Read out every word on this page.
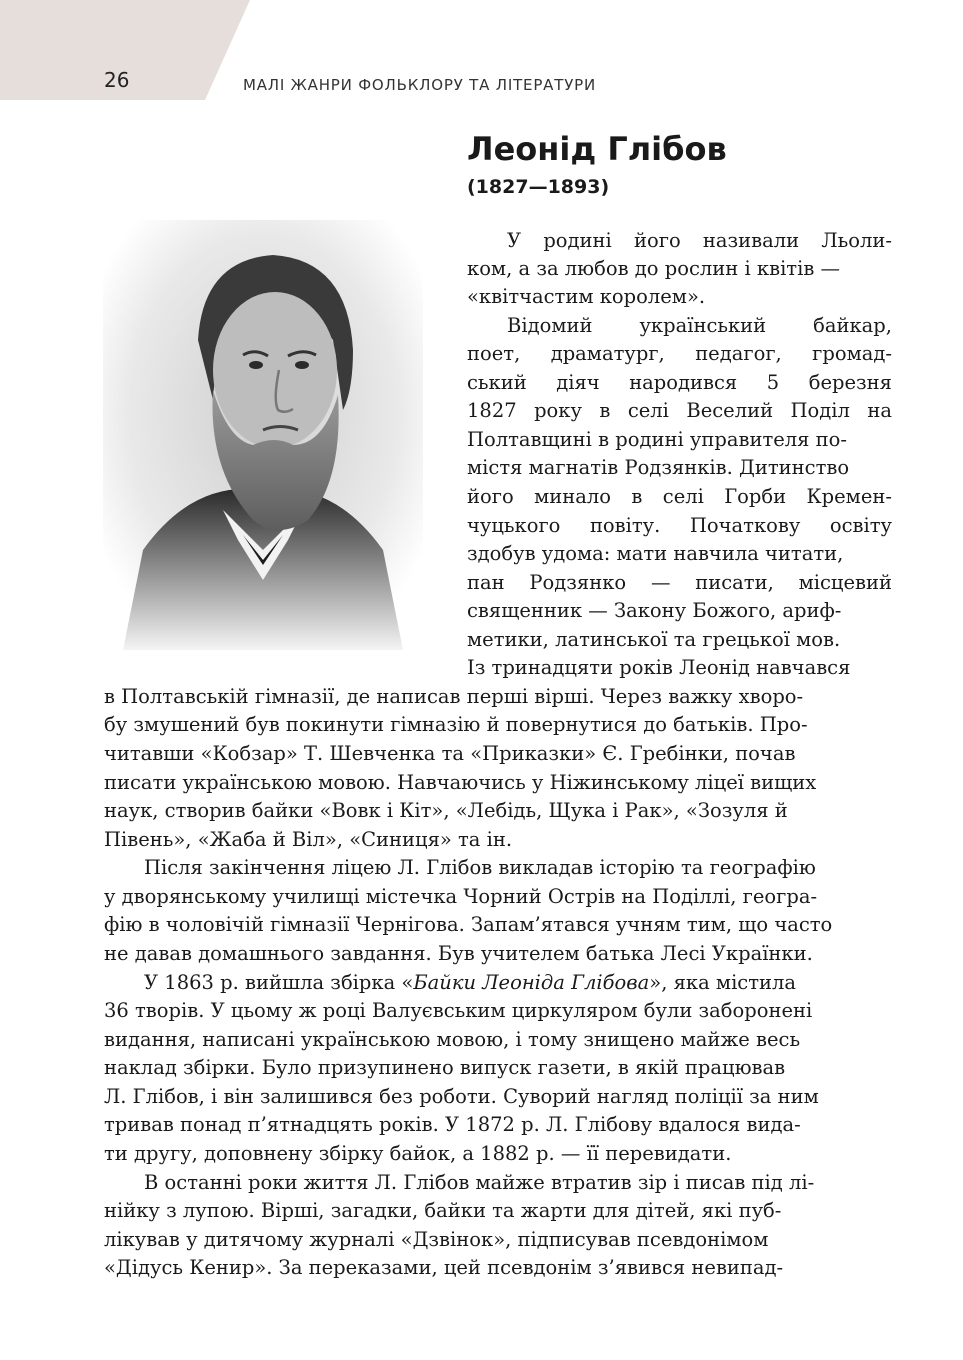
26	МАЛІ ЖАНРИ ФОЛЬКЛОРУ ТА ЛІТЕРАТУРИ
Леонід Глібов
(1827—1893)
У родині його називали Льоли-
ком, а за любов до рослин і квітів —
«квітчастим королем».
Відомий український байкар,
поет, драматург, педагог, громад-
ський діяч народився 5 березня
1827 року в селі Веселий Поділ на
Полтавщині в родині управителя по-
містя магнатів Родзянків. Дитинство
його минало в селі Горби Кремен-
чуцького повіту. Початкову освіту
здобув удома: мати навчила читати,
пан Родзянко — писати, місцевий
священник — Закону Божого, ариф-
метики, латинської та грецької мов.
Із тринадцяти років Леонід навчався
в Полтавській гімназії, де написав перші вірші. Через важку хворо-
бу змушений був покинути гімназію й повернутися до батьків. Про-
читавши «Кобзар» Т. Шевченка та «Приказки» Є. Гребінки, почав
писати українською мовою. Навчаючись у Ніжинському ліцеї вищих
наук, створив байки «Вовк і Кіт», «Лебідь, Щука і Рак», «Зозуля й
Півень», «Жаба й Віл», «Синиця» та ін.
Після закінчення ліцею Л. Глібов викладав історію та географію
у дворянському училищі містечка Чорний Острів на Поділлі, геогра-
фію в чоловічій гімназії Чернігова. Запам’ятався учням тим, що часто
не давав домашнього завдання. Був учителем батька Лесі Українки.
У 1863 р. вийшла збірка «Байки Леоніда Глібова», яка містила
36 творів. У цьому ж році Валуєвським циркуляром були заборонені
видання, написані українською мовою, і тому знищено майже весь
наклад збірки. Було призупинено випуск газети, в якій працював
Л. Глібов, і він залишився без роботи. Суворий нагляд поліції за ним
тривав понад п’ятнадцять років. У 1872 р. Л. Глібову вдалося вида-
ти другу, доповнену збірку байок, а 1882 р. — її перевидати.
В останні роки життя Л. Глібов майже втратив зір і писав під лі-
нійку з лупою. Вірші, загадки, байки та жарти для дітей, які пуб-
лікував у дитячому журналі «Дзвінок», підписував псевдонімом
«Дідусь Кенир». За переказами, цей псевдонім з’явився невипад-
